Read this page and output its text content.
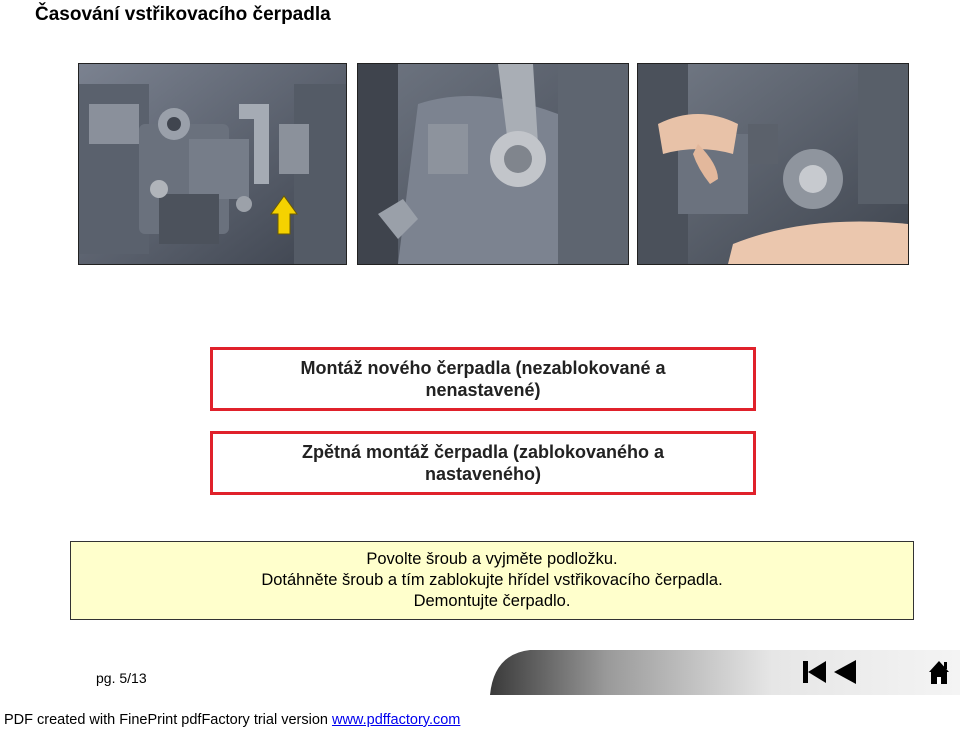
Časování vstřikovacího čerpadla
Montáž nového čerpadla (nezablokované a nenastavené)
Zpětná montáž čerpadla (zablokovaného a nastaveného)
Povolte šroub a vyjměte podložku.
Dotáhněte šroub a tím zablokujte hřídel vstřikovacího čerpadla.
Demontujte čerpadlo.
pg. 5/13
PDF created with FinePrint pdfFactory trial version www.pdffactory.com
